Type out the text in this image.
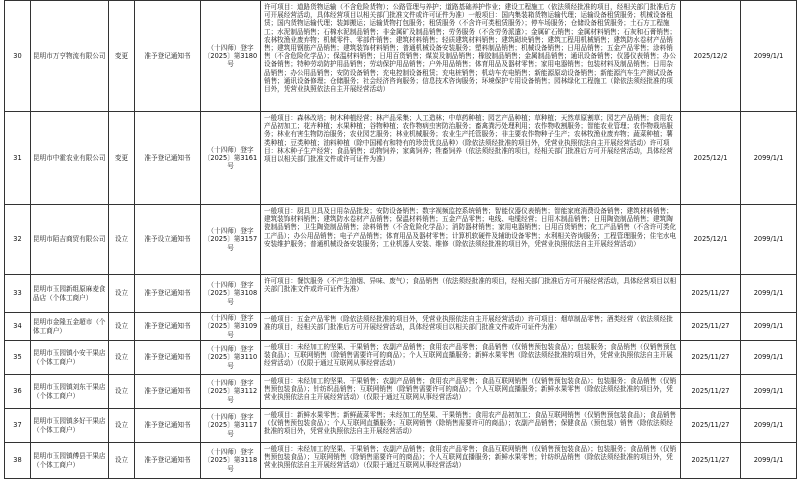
30	昆明市万亨物流有限公司	变更	准予登记通知书	（十四师）登字〔2025〕第3180号	许可项目：道路货物运输（不含危险货物）；公路管理与养护；道路基础养护作业；建设工程施工（依法须经批准的项目，经相关部门批准后方可开展经营活动，具体经营项目以相关部门批准文件或许可证件为准）一般项目：国内集装箱货物运输代理；运输设备租赁服务；机械设备租赁；国内货物运输代理；装卸搬运；运输货物打包服务；租赁服务（不含许可类租赁服务）；停车场服务；仓储设备租赁服务；土石方工程施工；水泥制品销售；石棉水泥制品销售；非金属矿及制品销售；劳务服务（不含劳务派遣）；金属矿石销售；金属材料销售；石灰和石膏销售；农林牧渔业废弃物；机械零件、零部件销售；建筑材料销售；轻质建筑材料销售；建筑砌块销售；建筑工程用机械销售；建筑防水卷材产品销售；建筑用钢筋产品销售；建筑装饰材料销售；普通机械设备安装服务；塑料制品销售；机械设备销售；日用品销售；五金产品零售；涂料销售（不含危险化学品）；保温材料销售；日用百货销售；煤炭及制品销售；橡胶制品销售；金属制品销售；通讯设备销售；仪器仪表销售；办公设备销售；特种劳动防护用品销售；劳动保护用品销售；户外用品销售；体育用品及器材零售；家用电器销售；包装材料及制品销售；日用杂品销售；办公用品销售；安防设备销售；充电控制设备租赁；充电桩销售；机动车充电销售；新能源原动设备销售；新能源汽车生产测试设备销售；通讯设备修理；仓储服务；社会经济咨询服务；信息技术咨询服务；环境保护专用设备销售；园林绿化工程施工（除依法须经批准的项目外，凭营业执照依法自主开展经营活动）	2025/12/2	2099/1/1
31	昆明市中霍农业有限公司	变更	准予登记通知书	（十四师）登字〔2025〕第3161号	一般项目：森林改培；树木种植经营；林产品采集；人工造林；中草药种植；园艺产品种植；草种植；天然草原割草；园艺产品销售；食用农产品初加工；花卉种植；水果种植；谷物种植；农作物病虫害防治服务；畜禽粪污处理利用；农作物收割服务；智能农业管理；农作物栽培服务；林业有害生物防治服务；农业园艺服务；林业机械服务；农业生产托管服务；非主要农作物种子生产；农林牧渔业废弃物；蔬菜种植；薯类种植；豆类种植；油料种植（除中国稀有和特有的珍贵优良品种）（除依法须经批准的项目外，凭营业执照依法自主开展经营活动）许可项目：林木种子生产经营；食品销售；动物饲养；家禽饲养；牲畜饲养（依法须经批准的项目，经相关部门批准后方可开展经营活动，具体经营项目以相关部门批准文件或许可证件为准）	2025/12/1	2099/1/1
32	昆明市陌吉商贸有限公司	设立	准予设立通知书	（十四师）登字〔2025〕第3157号	一般项目：厨具卫具及日用杂品批发；安防设备销售；数字视频监控系统销售；智能仪器仪表销售；智能家庭消费设备销售；建筑材料销售；建筑装饰材料销售；建筑防水卷材产品销售；保温材料销售；五金产品零售；电线、电缆经营；日用木制品销售；日用陶瓷制品销售；建筑陶瓷制品销售；卫生陶瓷制品销售；涂料销售（不含危险化学品）；消防器材销售；家用电器销售；日用百货销售；化工产品销售（不含许可类化工产品）；办公用品销售；电子产品销售；体育用品及器材零售；计算机软硬件及辅助设备零售；水利相关咨询服务；工程管理服务；住宅水电安装维护服务；普通机械设备安装服务；工业机器人安装、维修（除依法须经批准的项目外，凭营业执照依法自主开展经营活动）	2025/12/1	2099/1/1
33	昆明市玉园新组原麻麦食品店（个体工商户）	设立	准予登记通知书	（十四师）登字〔2025〕第3108号	许可项目：餐饮服务（不产生油烟、异味、废气）；食品销售（依法须经批准的项目，经相关部门批准后方可开展经营活动，具体经营项目以相关部门批准文件或许可证件为准）	2025/11/27	2099/1/1
34	昆明市金隆五金超市（个体工商户）	设立	准予登记通知书	（十四师）登字〔2025〕第3109号	一般项目：五金产品零售（除依法须经批准的项目外，凭营业执照依法自主开展经营活动）许可项目：烟草制品零售；酒类经营（依法须经批准的项目，经相关部门批准后方可开展经营活动，具体经营项目以相关部门批准文件或许可证件为准）	2025/11/27	2099/1/1
35	昆明市玉园镇小安干果店（个体工商户）	设立	准予登记通知书	（十四师）登字〔2025〕第3110号	一般项目：未经加工的坚果、干果销售；农副产品销售；食用农产品零售；食品销售（仅销售预包装食品）；包装服务；食品销售（仅销售预包装食品）；互联网销售（除销售需要许可的商品）；个人互联网直播服务；新鲜水果零售（除依法须经批准的项目外，凭营业执照依法自主开展经营活动）（仅限于通过互联网从事经营活动）	2025/11/27	2099/1/1
36	昆明市玉园镇刘东干果店（个体工商户）	设立	准予登记通知书	（十四师）登字〔2025〕第3112号	一般项目：未经加工的坚果、干果销售；农副产品销售；食用农产品零售；食品互联网销售（仅销售预包装食品）；包装服务；食品销售（仅销售预包装食品）；针纺织品销售；互联网销售（除销售需要许可的商品）；个人互联网直播服务；新鲜水果零售（除依法须经批准的项目外，凭营业执照依法自主开展经营活动）（仅限于通过互联网从事经营活动）	2025/11/27	2099/1/1
37	昆明市玉园镇多好干果店（个体工商户）	设立	准予登记通知书	（十四师）登字〔2025〕第3117号	一般项目：新鲜水果零售；新鲜蔬菜零售；未经加工的坚果、干果销售；食用农产品初加工；食品互联网销售（仅销售预包装食品）；食品销售（仅销售预包装食品）；个人互联网直播服务；互联网销售（除销售需要许可的商品）；农副产品销售；保健食品（预包装）销售（除依法须经批准的项目外，凭营业执照依法自主开展经营活动）	2025/11/27	2099/1/1
38	昆明市玉园镇傅县干果店（个体工商户）	设立	准予登记通知书	（十四师）登字〔2025〕第3118号	一般项目：未经加工的坚果、干果销售；农副产品销售；食用农产品零售；食品互联网销售（仅销售预包装食品）；包装服务；食品销售（仅销售预包装食品）；互联网销售（除销售需要许可的商品）；个人互联网直播服务；新鲜水果零售；针纺织品销售（除依法须经批准的项目外，凭营业执照依法自主开展经营活动）（仅限于通过互联网从事经营活动）	2025/11/27	2099/1/1
